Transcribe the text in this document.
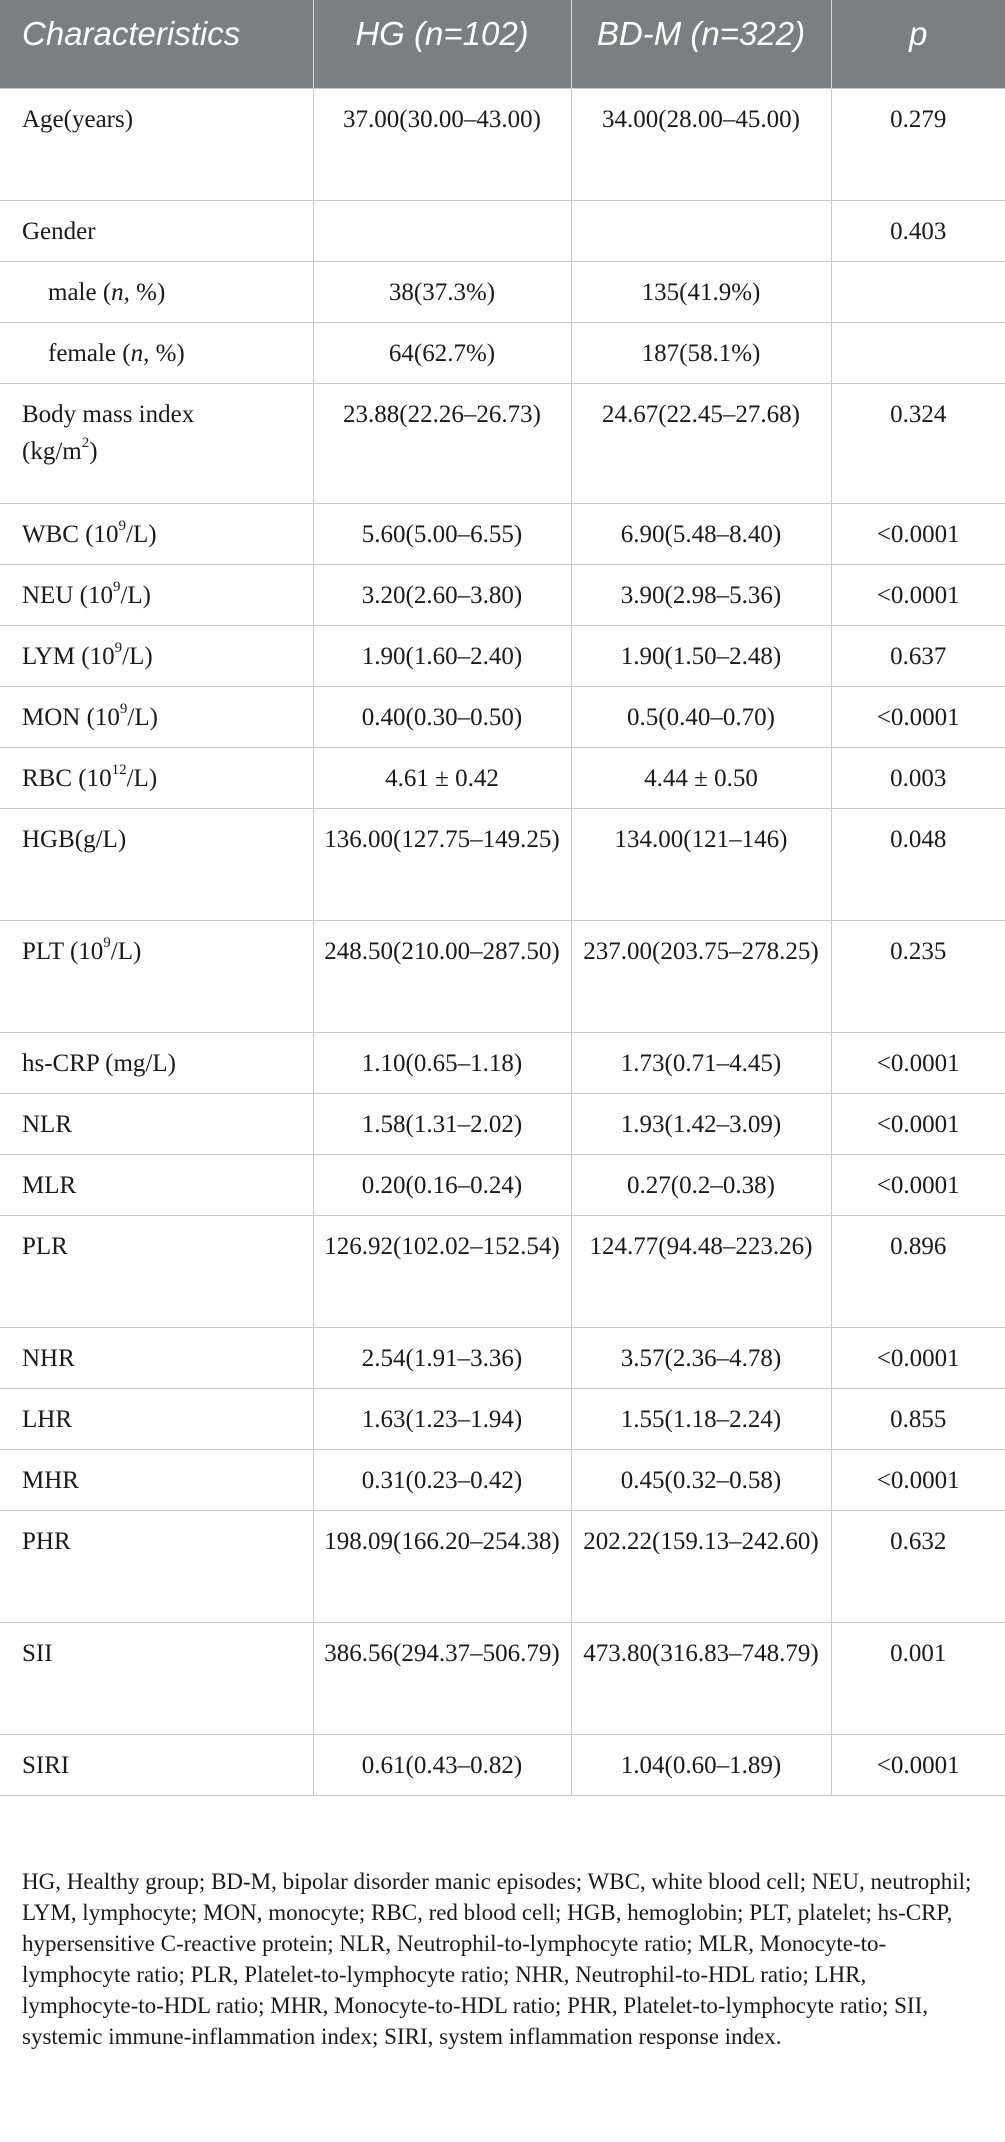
Characteristics	HG (n=102)	BD-M (n=322)	p
Age(years)	37.00(30.00–43.00)	34.00(28.00–45.00)	0.279
Gender			0.403
male (n, %)	38(37.3%)	135(41.9%)	
female (n, %)	64(62.7%)	187(58.1%)	
Body mass index
$(kg/m^2)$	23.88(22.26–26.73)	24.67(22.45–27.68)	0.324
WBC $(10^9/L)$	5.60(5.00–6.55)	6.90(5.48–8.40)	<0.0001
NEU $(10^9/L)$	3.20(2.60–3.80)	3.90(2.98–5.36)	<0.0001
LYM $(10^9/L)$	1.90(1.60–2.40)	1.90(1.50–2.48)	0.637
MON $(10^9/L)$	0.40(0.30–0.50)	0.5(0.40–0.70)	<0.0001
RBC $(10^{12}/L)$	4.61 ± 0.42	4.44 ± 0.50	0.003
HGB(g/L)	136.00(127.75–149.25)	134.00(121–146)	0.048
PLT $(10^9/L)$	248.50(210.00–287.50)	237.00(203.75–278.25)	0.235
hs-CRP (mg/L)	1.10(0.65–1.18)	1.73(0.71–4.45)	<0.0001
NLR	1.58(1.31–2.02)	1.93(1.42–3.09)	<0.0001
MLR	0.20(0.16–0.24)	0.27(0.2–0.38)	<0.0001
PLR	126.92(102.02–152.54)	124.77(94.48–223.26)	0.896
NHR	2.54(1.91–3.36)	3.57(2.36–4.78)	<0.0001
LHR	1.63(1.23–1.94)	1.55(1.18–2.24)	0.855
MHR	0.31(0.23–0.42)	0.45(0.32–0.58)	<0.0001
PHR	198.09(166.20–254.38)	202.22(159.13–242.60)	0.632
SII	386.56(294.37–506.79)	473.80(316.83–748.79)	0.001
SIRI	0.61(0.43–0.82)	1.04(0.60–1.89)	<0.0001

HG, Healthy group; BD-M, bipolar disorder manic episodes; WBC, white blood cell; NEU, neutrophil; LYM, lymphocyte; MON, monocyte; RBC, red blood cell; HGB, hemoglobin; PLT, platelet; hs-CRP, hypersensitive C-reactive protein; NLR, Neutrophil-to-lymphocyte ratio; MLR, Monocyte-to-lymphocyte ratio; PLR, Platelet-to-lymphocyte ratio; NHR, Neutrophil-to-HDL ratio; LHR, lymphocyte-to-HDL ratio; MHR, Monocyte-to-HDL ratio; PHR, Platelet-to-lymphocyte ratio; SII, systemic immune-inflammation index; SIRI, system inflammation response index.
